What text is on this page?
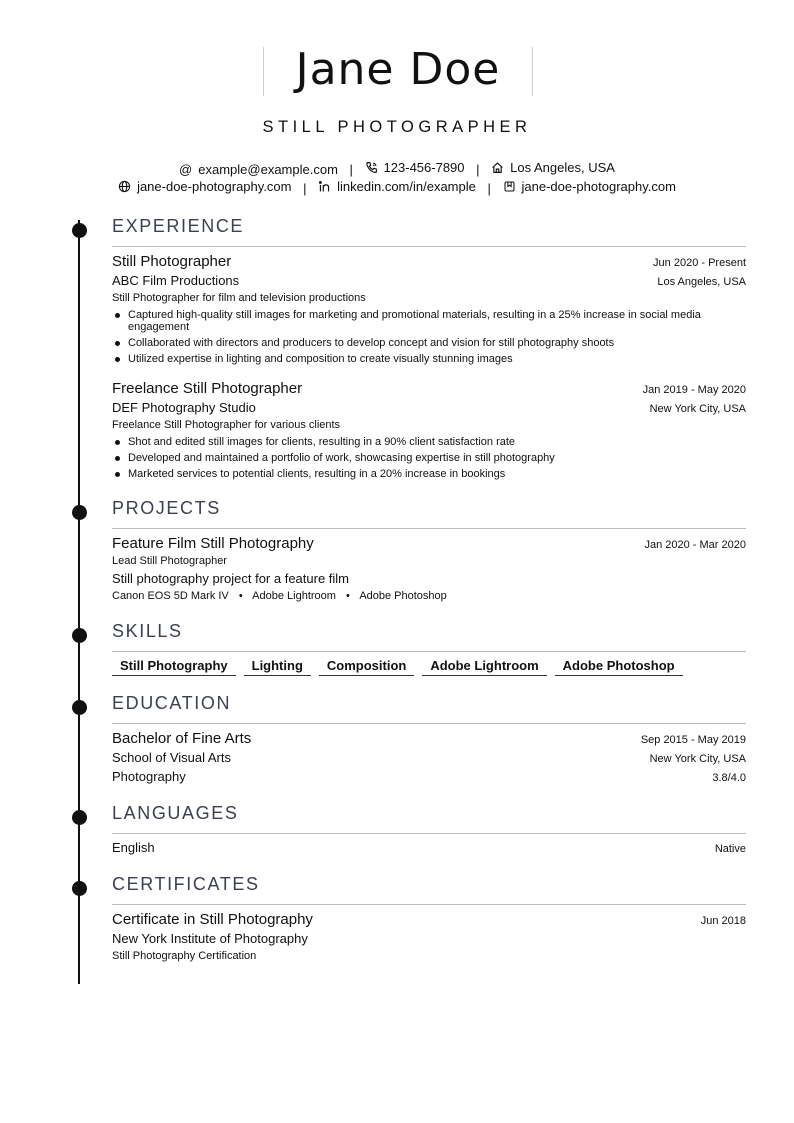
Jane Doe
STILL PHOTOGRAPHER
@ example@example.com | 123-456-7890 | Los Angeles, USA
jane-doe-photography.com | linkedin.com/in/example | jane-doe-photography.com
EXPERIENCE
Still Photographer	Jun 2020 - Present
ABC Film Productions	Los Angeles, USA
Still Photographer for film and television productions
Captured high-quality still images for marketing and promotional materials, resulting in a 25% increase in social media engagement
Collaborated with directors and producers to develop concept and vision for still photography shoots
Utilized expertise in lighting and composition to create visually stunning images
Freelance Still Photographer	Jan 2019 - May 2020
DEF Photography Studio	New York City, USA
Freelance Still Photographer for various clients
Shot and edited still images for clients, resulting in a 90% client satisfaction rate
Developed and maintained a portfolio of work, showcasing expertise in still photography
Marketed services to potential clients, resulting in a 20% increase in bookings
PROJECTS
Feature Film Still Photography	Jan 2020 - Mar 2020
Lead Still Photographer
Still photography project for a feature film
Canon EOS 5D Mark IV • Adobe Lightroom • Adobe Photoshop
SKILLS
Still Photography	Lighting	Composition	Adobe Lightroom	Adobe Photoshop
EDUCATION
Bachelor of Fine Arts	Sep 2015 - May 2019
School of Visual Arts	New York City, USA
Photography	3.8/4.0
LANGUAGES
English	Native
CERTIFICATES
Certificate in Still Photography	Jun 2018
New York Institute of Photography
Still Photography Certification
